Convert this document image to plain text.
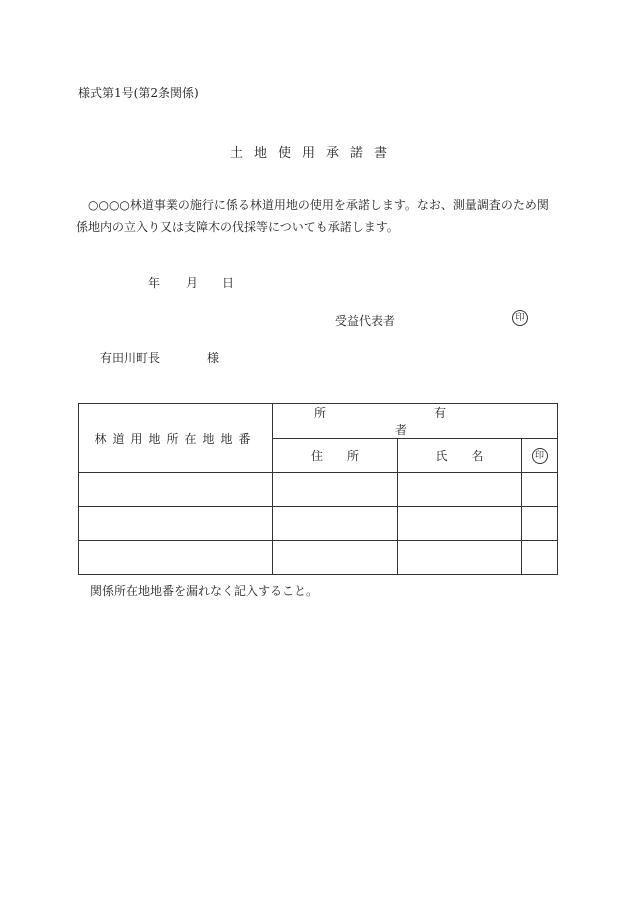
様式第1号(第2条関係)
土地使用承諾書
○○○○林道事業の施行に係る林道用地の使用を承諾します。なお、測量調査のため関係地内の立入り又は支障木の伐採等についても承諾します。
年 月 日
受益代表者	印
有田川町長	様
林道用地所在地地番	所 有者		
	住　　所	氏　　名	印

関係所在地地番を漏れなく記入すること。
